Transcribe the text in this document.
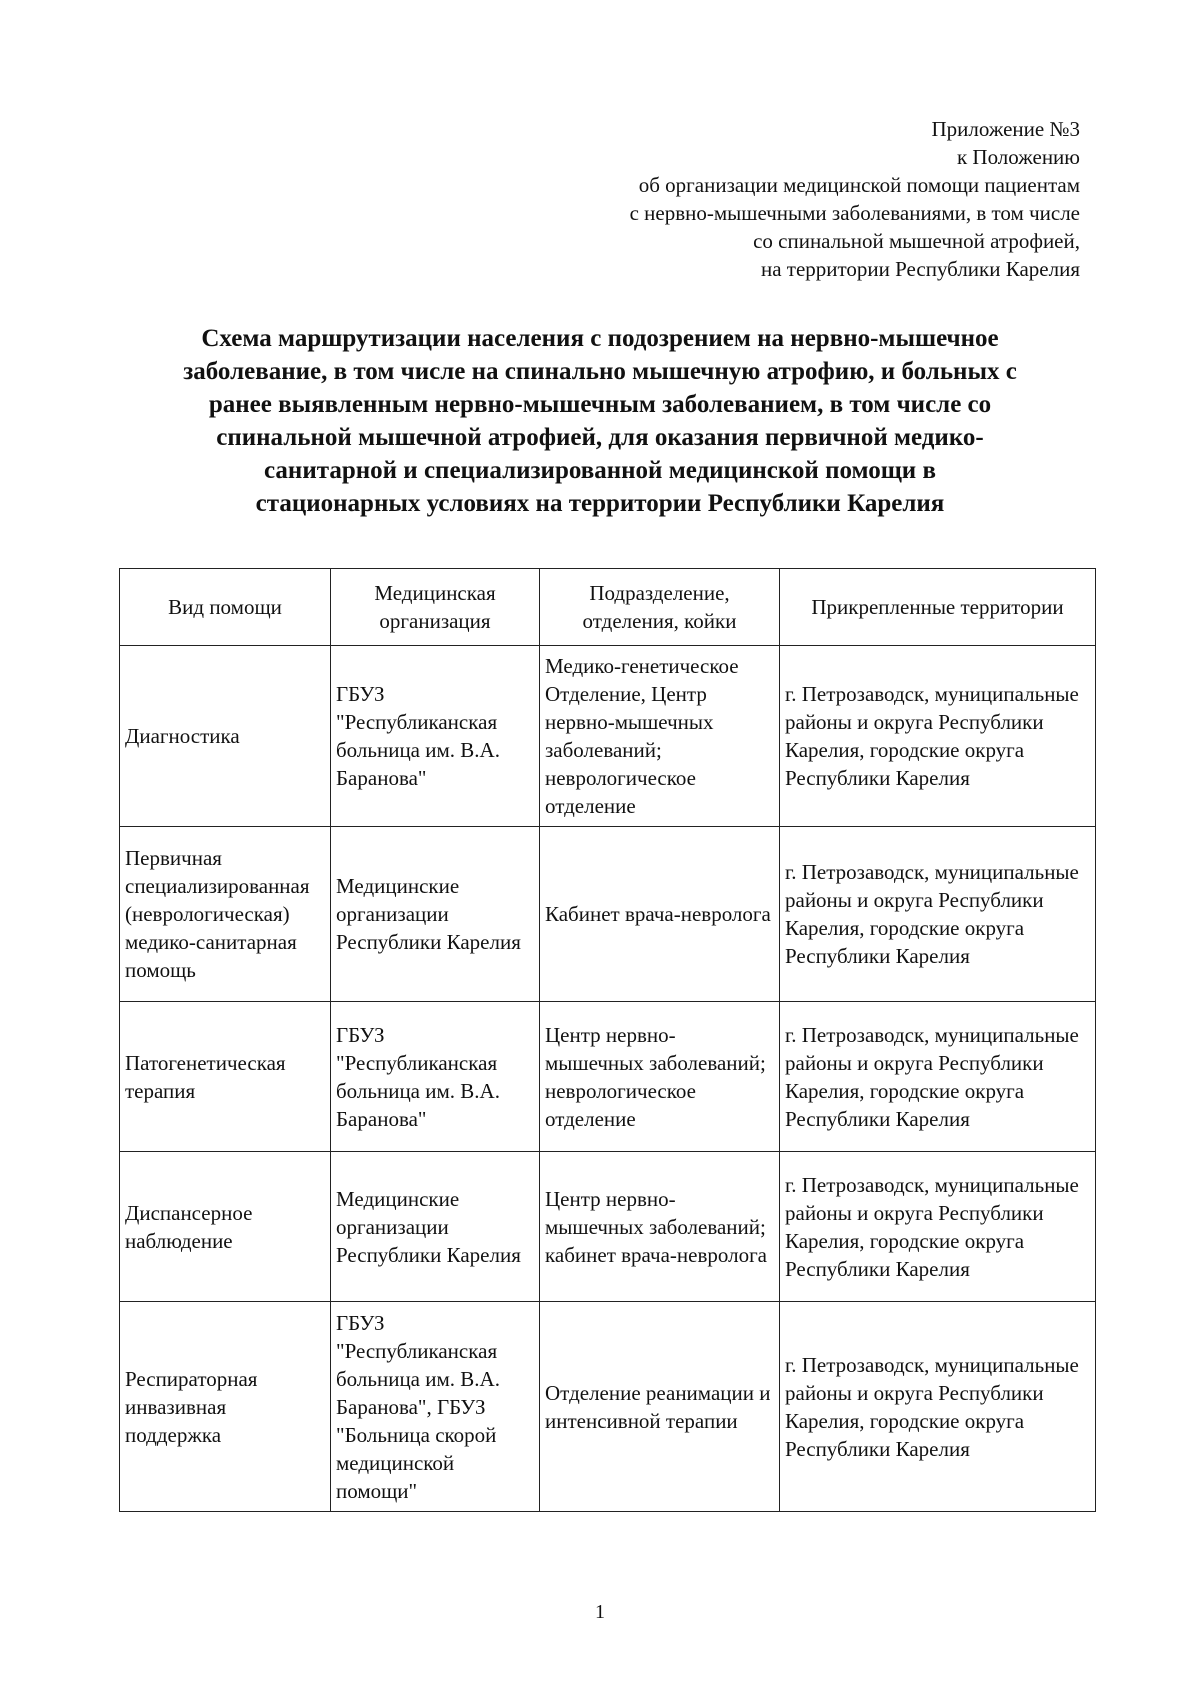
Приложение №3
к Положению
об организации медицинской помощи пациентам
с нервно-мышечными заболеваниями, в том числе
со спинальной мышечной атрофией,
на территории Республики Карелия
Схема маршрутизации населения с подозрением на нервно-мышечное
заболевание, в том числе на спинально мышечную атрофию, и больных с
ранее выявленным нервно-мышечным заболеванием, в том числе со
спинальной мышечной атрофией, для оказания первичной медико-
санитарной и специализированной медицинской помощи в
стационарных условиях на территории Республики Карелия
Вид помощи	Медицинская организация	Подразделение, отделения, койки	Прикрепленные территории
Диагностика	ГБУЗ "Республиканская больница им. В.А. Баранова"	Медико-генетическое Отделение, Центр нервно-мышечных заболеваний; неврологическое отделение	г. Петрозаводск, муниципальные районы и округа Республики Карелия, городские округа Республики Карелия
Первичная специализированная (неврологическая) медико-санитарная помощь	Медицинские организации Республики Карелия	Кабинет врача-невролога	г. Петрозаводск, муниципальные районы и округа Республики Карелия, городские округа Республики Карелия
Патогенетическая терапия	ГБУЗ "Республиканская больница им. В.А. Баранова"	Центр нервно-мышечных заболеваний; неврологическое отделение	г. Петрозаводск, муниципальные районы и округа Республики Карелия, городские округа Республики Карелия
Диспансерное наблюдение	Медицинские организации Республики Карелия	Центр нервно-мышечных заболеваний; кабинет врача-невролога	г. Петрозаводск, муниципальные районы и округа Республики Карелия, городские округа Республики Карелия
Респираторная инвазивная поддержка	ГБУЗ "Республиканская больница им. В.А. Баранова", ГБУЗ "Больница скорой медицинской помощи"	Отделение реанимации и интенсивной терапии	г. Петрозаводск, муниципальные районы и округа Республики Карелия, городские округа Республики Карелия
1
